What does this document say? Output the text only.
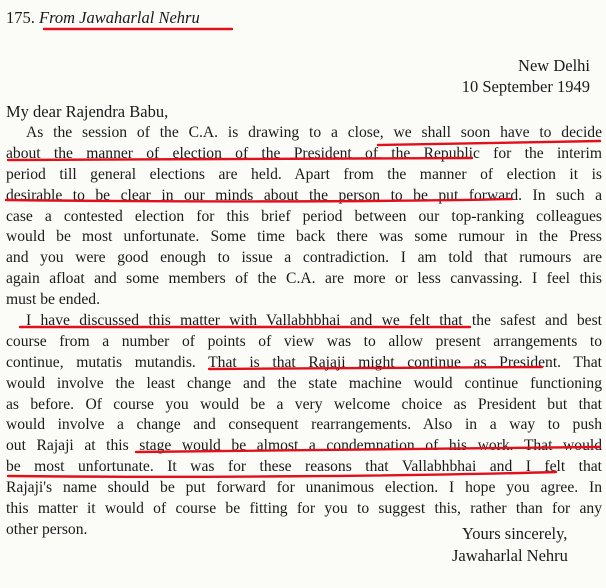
175. From Jawaharlal Nehru
New Delhi
10 September 1949
My dear Rajendra Babu,
As the session of the C.A. is drawing to a close, we shall soon have to decide
about the manner of election of the President of the Republic for the interim
period till general elections are held. Apart from the manner of election it is
desirable to be clear in our minds about the person to be put forward. In such a
case a contested election for this brief period between our top-ranking colleagues
would be most unfortunate. Some time back there was some rumour in the Press
and you were good enough to issue a contradiction. I am told that rumours are
again afloat and some members of the C.A. are more or less canvassing. I feel this
must be ended.
I have discussed this matter with Vallabhbhai and we felt that the safest and best
course from a number of points of view was to allow present arrangements to
continue, mutatis mutandis. That is that Rajaji might continue as President. That
would involve the least change and the state machine would continue functioning
as before. Of course you would be a very welcome choice as President but that
would involve a change and consequent rearrangements. Also in a way to push
out Rajaji at this stage would be almost a condemnation of his work. That would
be most unfortunate. It was for these reasons that Vallabhbhai and I felt that
Rajaji's name should be put forward for unanimous election. I hope you agree. In
this matter it would of course be fitting for you to suggest this, rather than for any
other person.	Yours sincerely,
Jawaharlal Nehru
